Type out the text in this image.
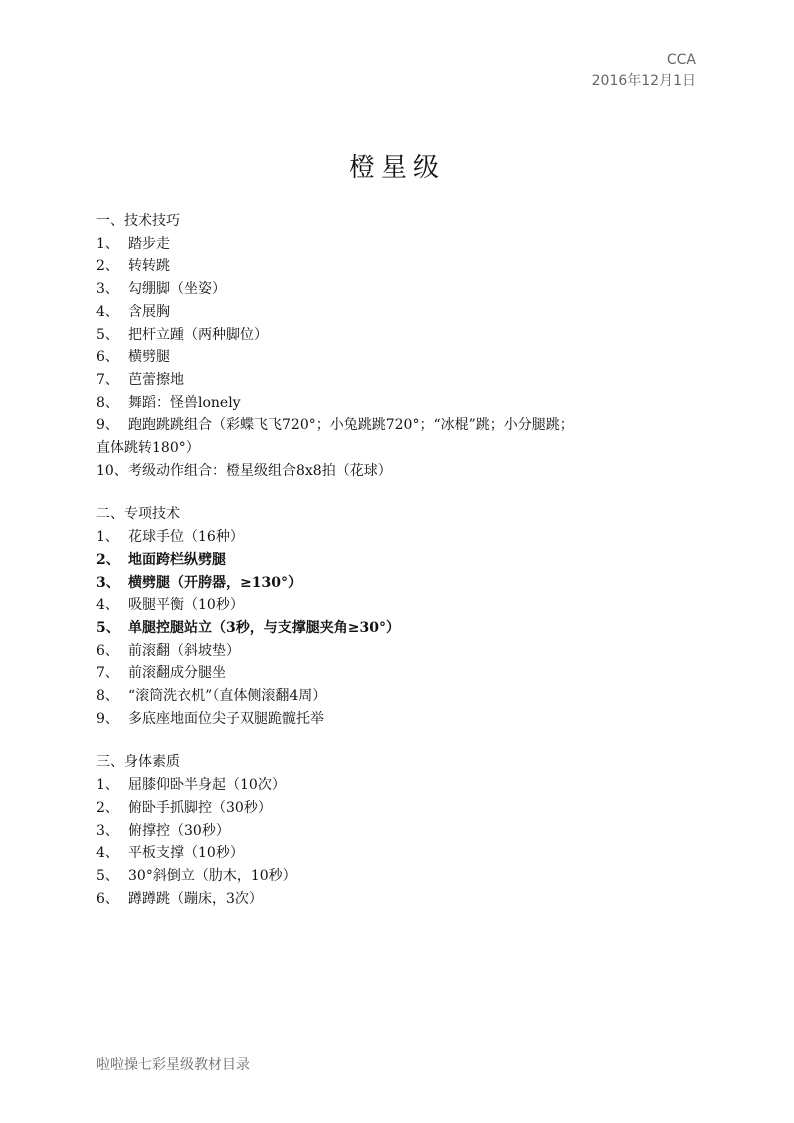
CCA
2016年12月1日
橙星级
一、技术技巧
1、 踏步走
2、 转转跳
3、 勾绷脚（坐姿）
4、 含展胸
5、 把杆立踵（两种脚位）
6、 横劈腿
7、 芭蕾擦地
8、 舞蹈：怪兽lonely
9、 跑跑跳跳组合（彩蝶飞飞720°；小兔跳跳720°；“冰棍”跳；小分腿跳；
直体跳转180°）
10、 考级动作组合：橙星级组合8x8拍（花球）
二、专项技术
1、 花球手位（16种）
2、 地面跨栏纵劈腿
3、 横劈腿（开胯器，≥130°）
4、 吸腿平衡（10秒）
5、 单腿控腿站立（3秒，与支撑腿夹角≥30°）
6、 前滚翻（斜坡垫）
7、 前滚翻成分腿坐
8、 “滚筒洗衣机”（直体侧滚翻4周）
9、 多底座地面位尖子双腿跪髋托举
三、身体素质
1、 屈膝仰卧半身起（10次）
2、 俯卧手抓脚控（30秒）
3、 俯撑控（30秒）
4、 平板支撑（10秒）
5、 30°斜倒立（肋木，10秒）
6、 蹲蹲跳（蹦床，3次）
啦啦操七彩星级教材目录
